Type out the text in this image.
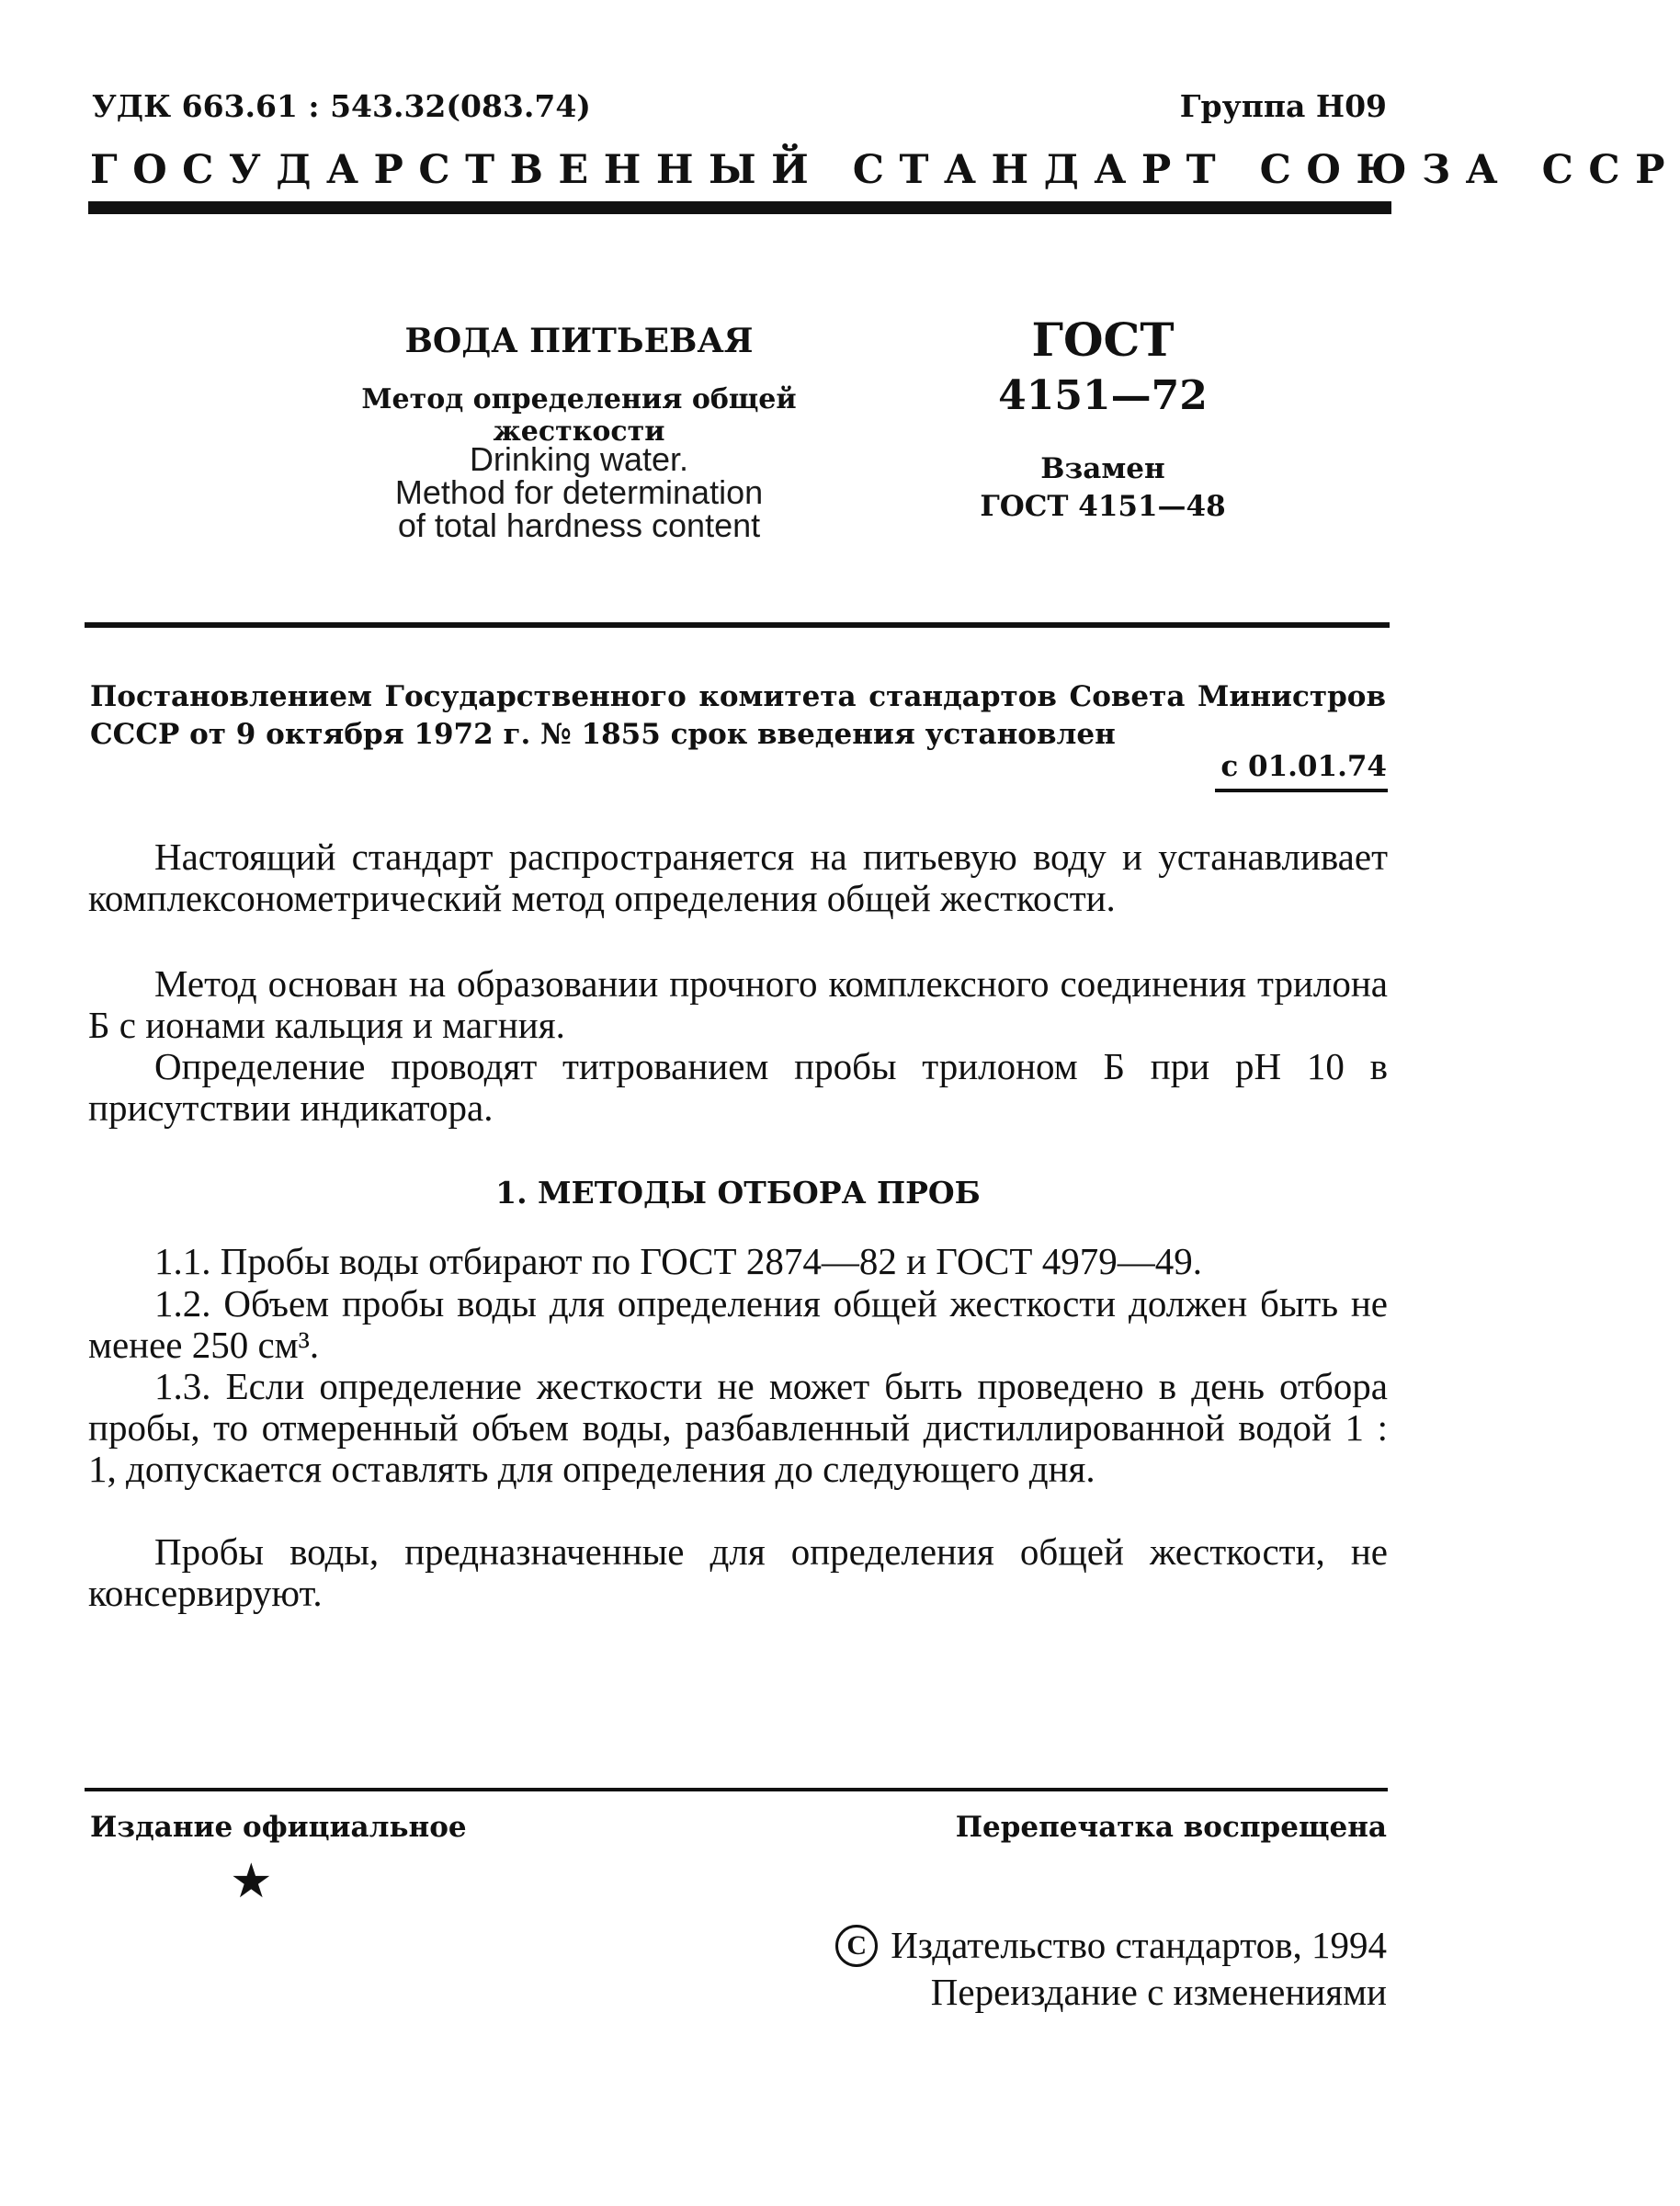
УДК 663.61 : 543.32(083.74)	Группа Н09
ГОСУДАРСТВЕННЫЙ СТАНДАРТ СОЮЗА ССР
ВОДА ПИТЬЕВАЯ
Метод определения общей жесткости
Drinking water.
Method for determination
of total hardness content
ГОСТ
4151—72
Взамен
ГОСТ 4151—48
Постановлением Государственного комитета стандартов Совета Министров СССР от 9 октября 1972 г. № 1855 срок введения установлен
с 01.01.74
Настоящий стандарт распространяется на питьевую воду и устанавливает комплексонометрический метод определения общей жесткости.
Метод основан на образовании прочного комплексного соединения трилона Б с ионами кальция и магния.
Определение проводят титрованием пробы трилоном Б при рН 10 в присутствии индикатора.
1. МЕТОДЫ ОТБОРА ПРОБ
1.1. Пробы воды отбирают по ГОСТ 2874—82 и ГОСТ 4979—49.
1.2. Объем пробы воды для определения общей жесткости должен быть не менее 250 см³.
1.3. Если определение жесткости не может быть проведено в день отбора пробы, то отмеренный объем воды, разбавленный дистиллированной водой 1 : 1, допускается оставлять для определения до следующего дня.
Пробы воды, предназначенные для определения общей жесткости, не консервируют.
Издание официальное	Перепечатка воспрещена
★
С Издательство стандартов, 1994
Переиздание с изменениями
